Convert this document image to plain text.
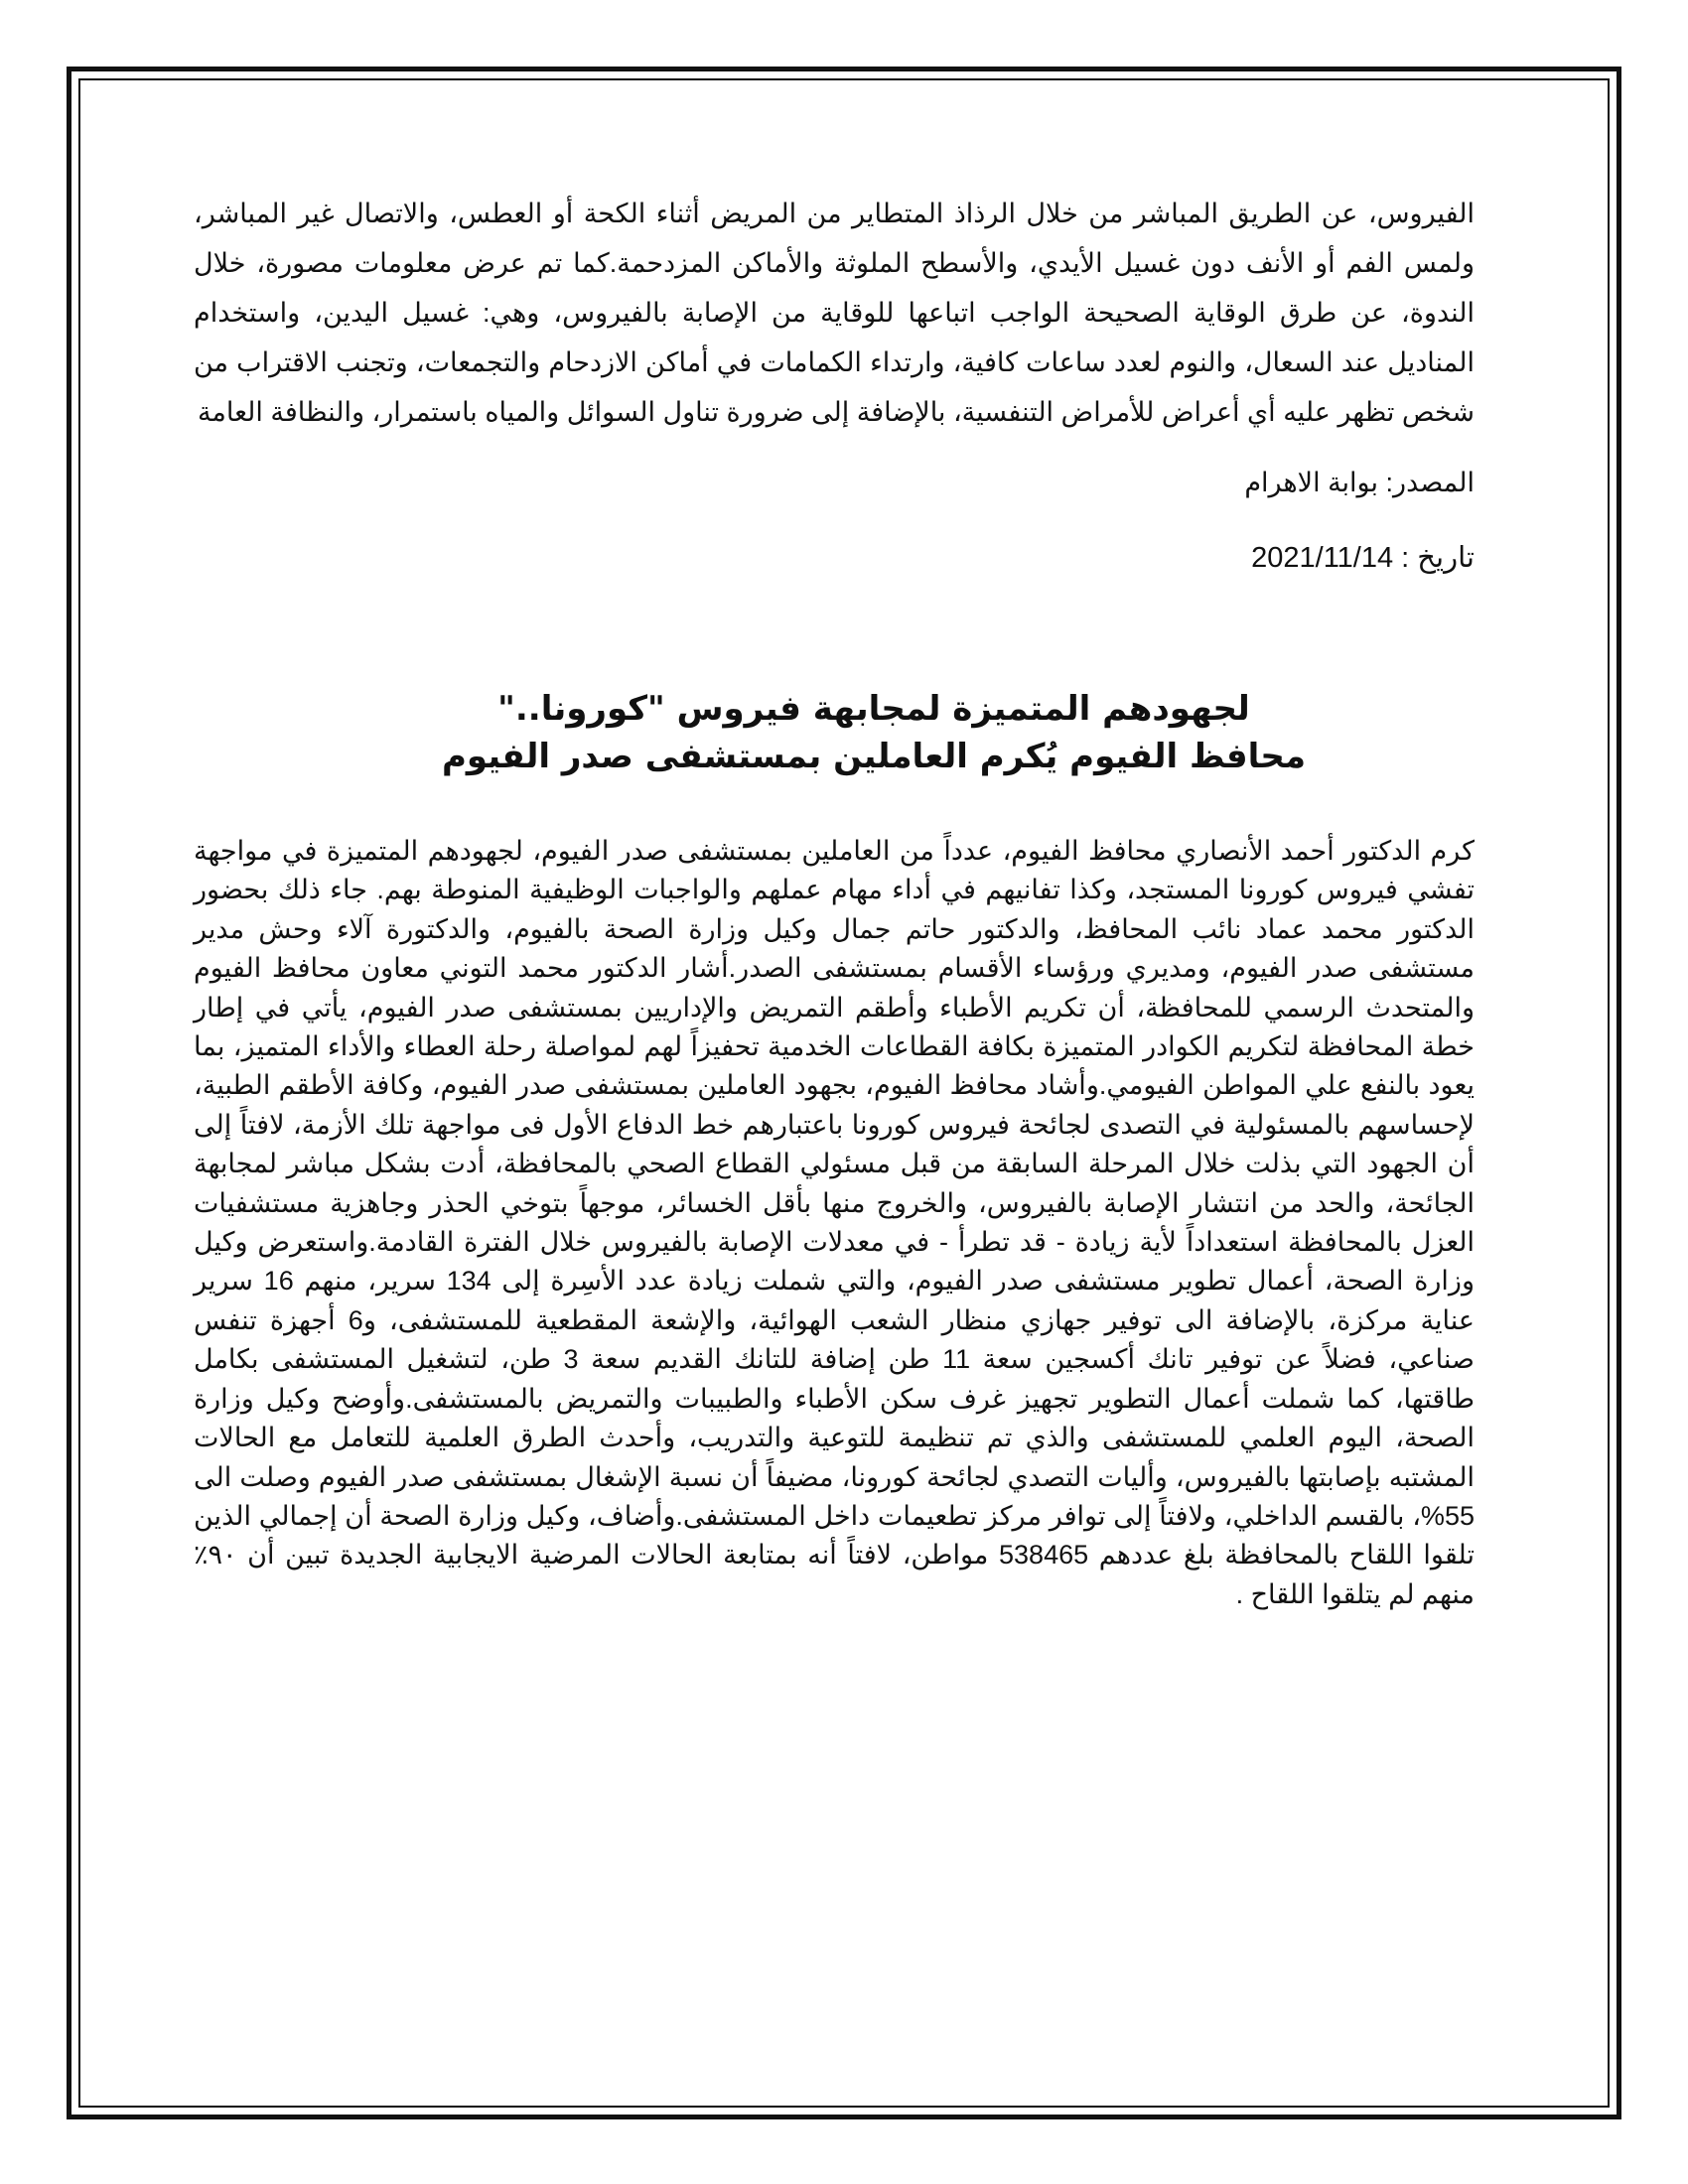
الفيروس، عن الطريق المباشر من خلال الرذاذ المتطاير من المريض أثناء الكحة أو العطس، والاتصال غير المباشر، ولمس الفم أو الأنف دون غسيل الأيدي، والأسطح الملوثة والأماكن المزدحمة.كما تم عرض معلومات مصورة، خلال الندوة، عن طرق الوقاية الصحيحة الواجب اتباعها للوقاية من الإصابة بالفيروس، وهي: غسيل اليدين، واستخدام المناديل عند السعال، والنوم لعدد ساعات كافية، وارتداء الكمامات في أماكن الازدحام والتجمعات، وتجنب الاقتراب من شخص تظهر عليه أي أعراض للأمراض التنفسية، بالإضافة إلى ضرورة تناول السوائل والمياه باستمرار، والنظافة العامة

المصدر: بوابة الاهرام

تاريخ : 2021/11/14

لجهودهم المتميزة لمجابهة فيروس "كورونا.."
محافظ الفيوم يُكرم العاملين بمستشفى صدر الفيوم

كرم الدكتور أحمد الأنصاري محافظ الفيوم، عدداً من العاملين بمستشفى صدر الفيوم، لجهودهم المتميزة في مواجهة تفشي فيروس كورونا المستجد، وكذا تفانيهم في أداء مهام عملهم والواجبات الوظيفية المنوطة بهم. جاء ذلك بحضور الدكتور محمد عماد نائب المحافظ، والدكتور حاتم جمال وكيل وزارة الصحة بالفيوم، والدكتورة آلاء وحش مدير مستشفى صدر الفيوم، ومديري ورؤساء الأقسام بمستشفى الصدر.أشار الدكتور محمد التوني معاون محافظ الفيوم والمتحدث الرسمي للمحافظة، أن تكريم الأطباء وأطقم التمريض والإداريين بمستشفى صدر الفيوم، يأتي في إطار خطة المحافظة لتكريم الكوادر المتميزة بكافة القطاعات الخدمية تحفيزاً لهم لمواصلة رحلة العطاء والأداء المتميز، بما يعود بالنفع علي المواطن الفيومي.وأشاد محافظ الفيوم، بجهود العاملين بمستشفى صدر الفيوم، وكافة الأطقم الطبية، لإحساسهم بالمسئولية في التصدى لجائحة فيروس كورونا باعتبارهم خط الدفاع الأول فى مواجهة تلك الأزمة، لافتاً إلى أن الجهود التي بذلت خلال المرحلة السابقة من قبل مسئولي القطاع الصحي بالمحافظة، أدت بشكل مباشر لمجابهة الجائحة، والحد من انتشار الإصابة بالفيروس، والخروج منها بأقل الخسائر، موجهاً بتوخي الحذر وجاهزية مستشفيات العزل بالمحافظة استعداداً لأية زيادة - قد تطرأ - في معدلات الإصابة بالفيروس خلال الفترة القادمة.واستعرض وكيل وزارة الصحة، أعمال تطوير مستشفى صدر الفيوم، والتي شملت زيادة عدد الأسِرة إلى 134 سرير، منهم 16 سرير عناية مركزة، بالإضافة الى توفير جهازي منظار الشعب الهوائية، والإشعة المقطعية للمستشفى، و6 أجهزة تنفس صناعي، فضلاً عن توفير تانك أكسجين سعة 11 طن إضافة للتانك القديم سعة 3 طن، لتشغيل المستشفى بكامل طاقتها، كما شملت أعمال التطوير تجهيز غرف سكن الأطباء والطبيبات والتمريض بالمستشفى.وأوضح وكيل وزارة الصحة، اليوم العلمي للمستشفى والذي تم تنظيمة للتوعية والتدريب، وأحدث الطرق العلمية للتعامل مع الحالات المشتبه بإصابتها بالفيروس، وأليات التصدي لجائحة كورونا، مضيفاً أن نسبة الإشغال بمستشفى صدر الفيوم وصلت الى 55%، بالقسم الداخلي، ولافتاً إلى توافر مركز تطعيمات داخل المستشفى.وأضاف، وكيل وزارة الصحة أن إجمالي الذين تلقوا اللقاح بالمحافظة بلغ عددهم 538465 مواطن، لافتاً أنه بمتابعة الحالات المرضية الايجابية الجديدة تبين أن ٩٠٪ منهم لم يتلقوا اللقاح .
